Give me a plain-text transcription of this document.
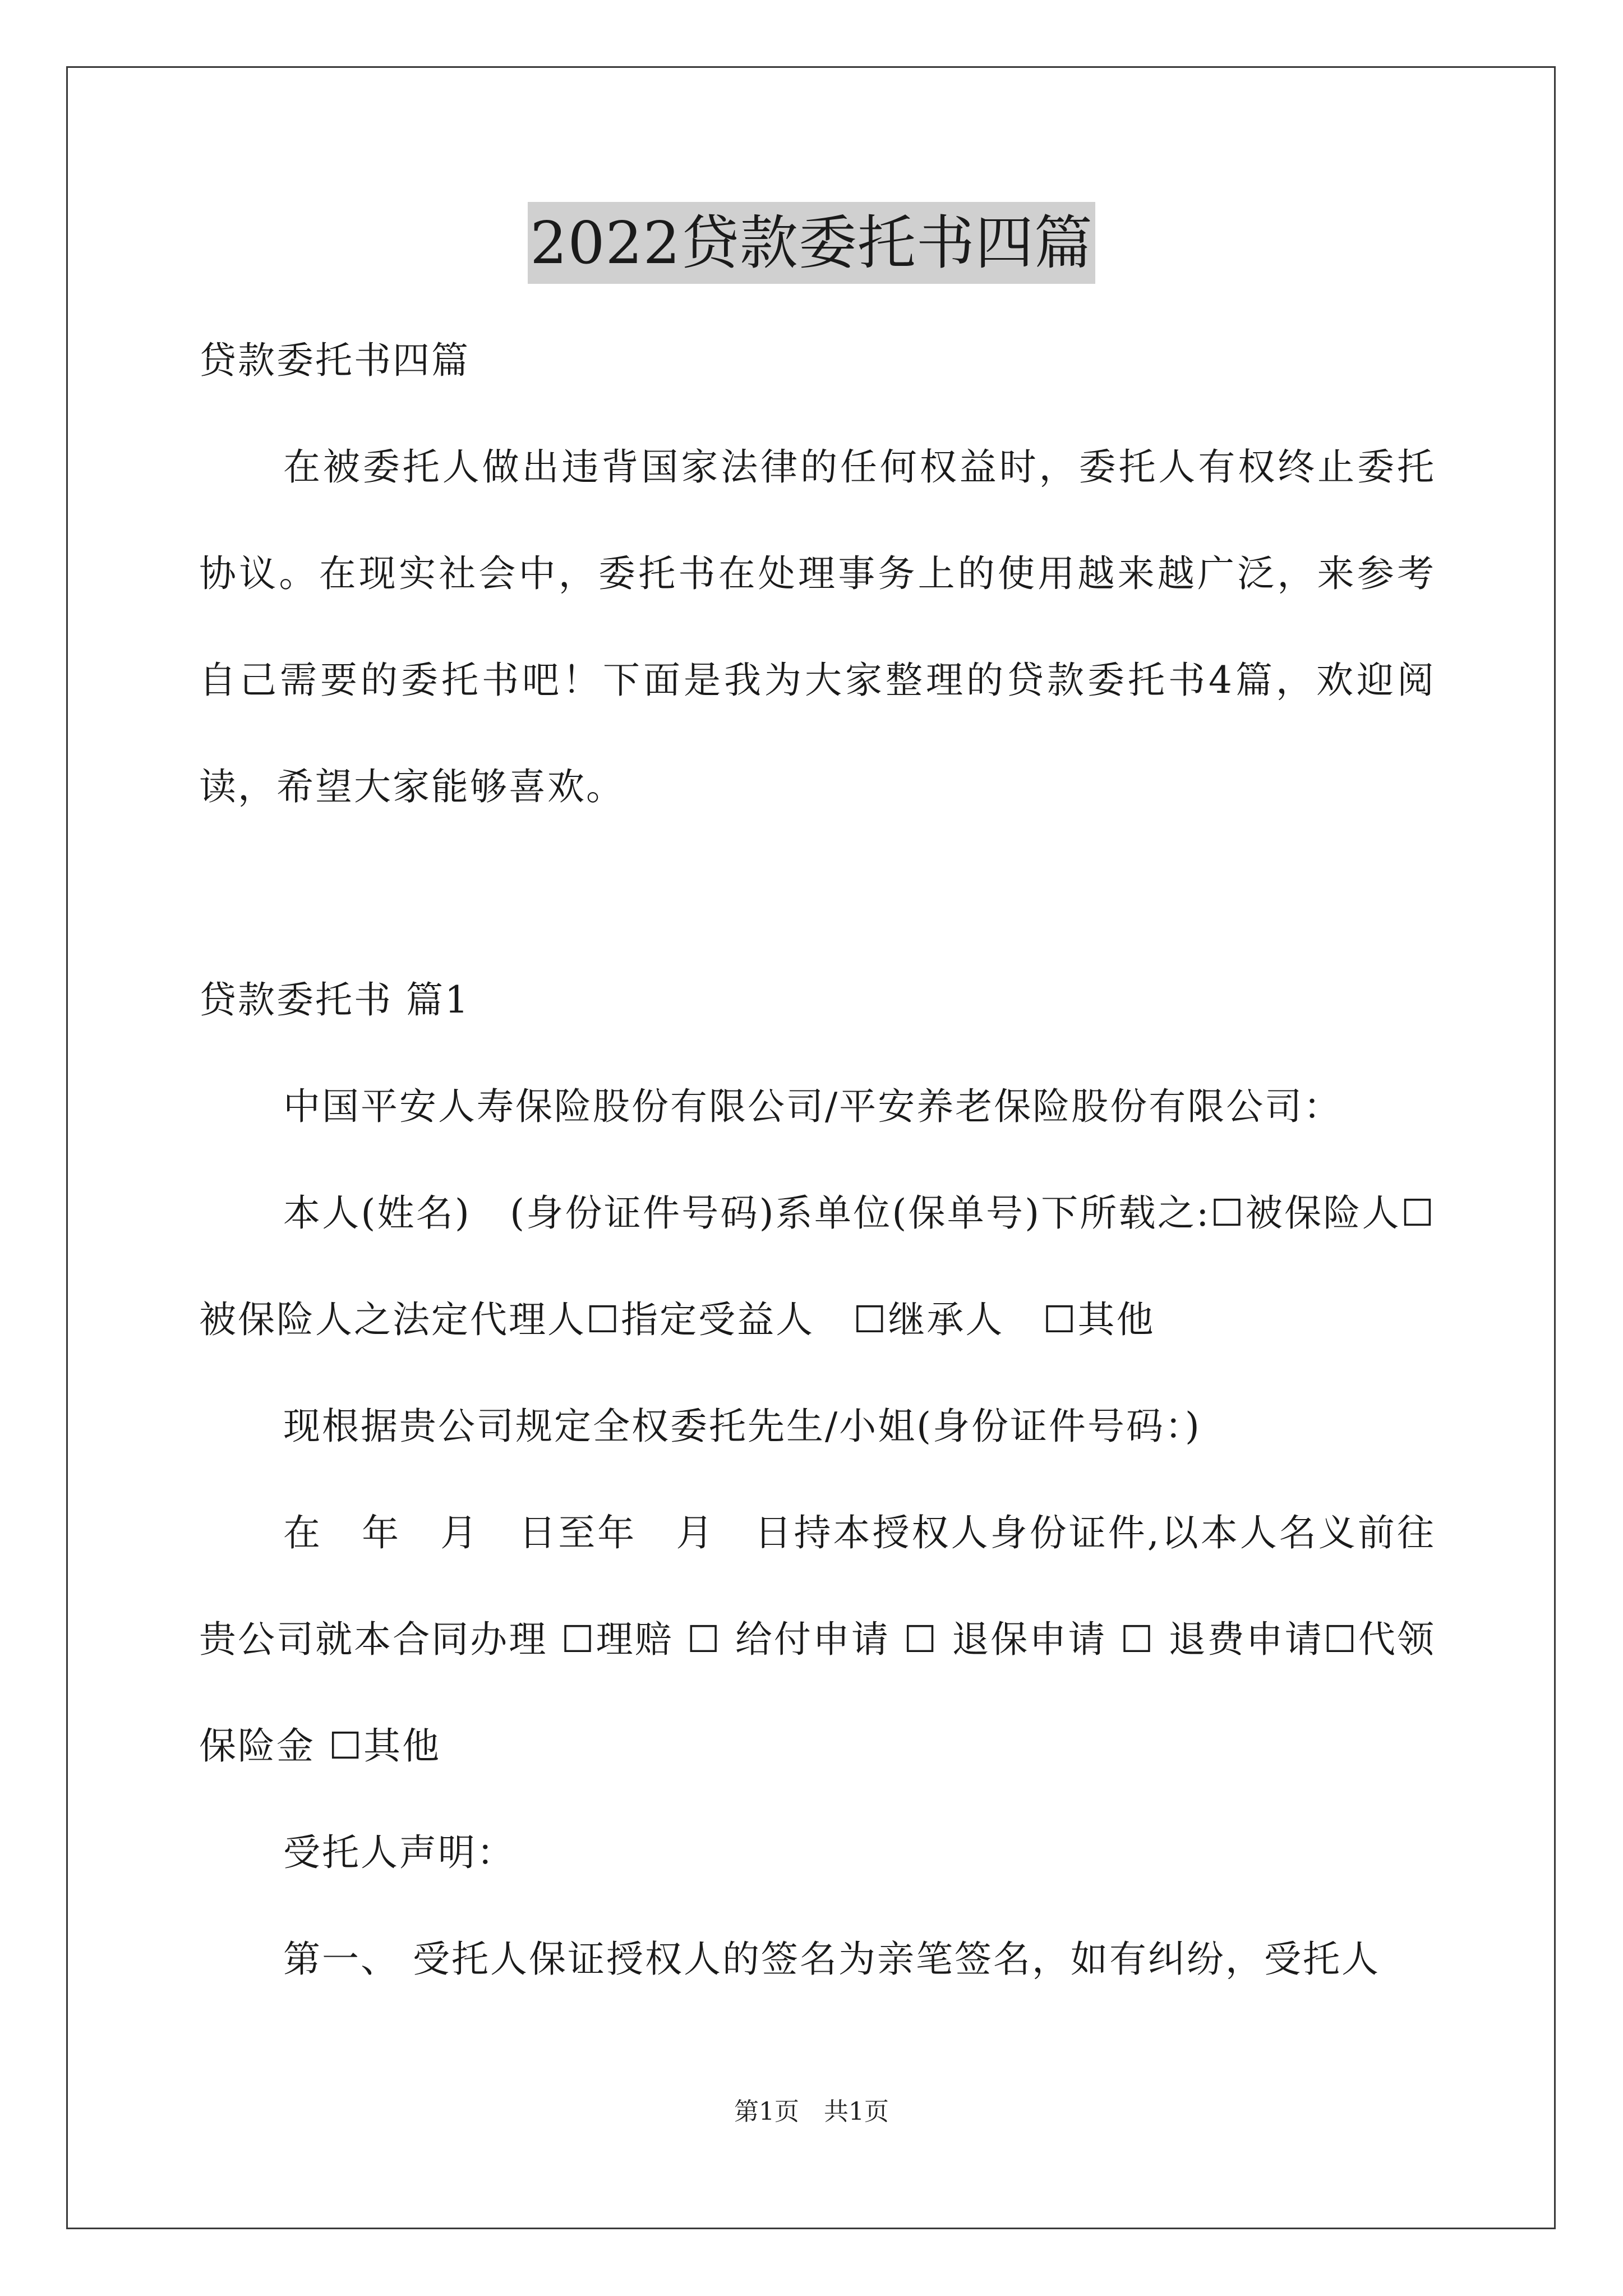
2022贷款委托书四篇

贷款委托书四篇

在被委托人做出违背国家法律的任何权益时，委托人有权终止委托协议。在现实社会中，委托书在处理事务上的使用越来越广泛，来参考自己需要的委托书吧！下面是我为大家整理的贷款委托书4篇，欢迎阅读，希望大家能够喜欢。

贷款委托书 篇1

中国平安人寿保险股份有限公司/平安养老保险股份有限公司：

本人(姓名)　(身份证件号码)系单位(保单号)下所载之:☐被保险人☐被保险人之法定代理人☐指定受益人　☐继承人　☐其他

现根据贵公司规定全权委托先生/小姐(身份证件号码：)

在　年　月　日至年　月　日持本授权人身份证件,以本人名义前往贵公司就本合同办理 ☐理赔 ☐ 给付申请 ☐ 退保申请 ☐ 退费申请☐代领保险金 ☐其他

受托人声明：

第一、 受托人保证授权人的签名为亲笔签名，如有纠纷，受托人

第1页　共1页
